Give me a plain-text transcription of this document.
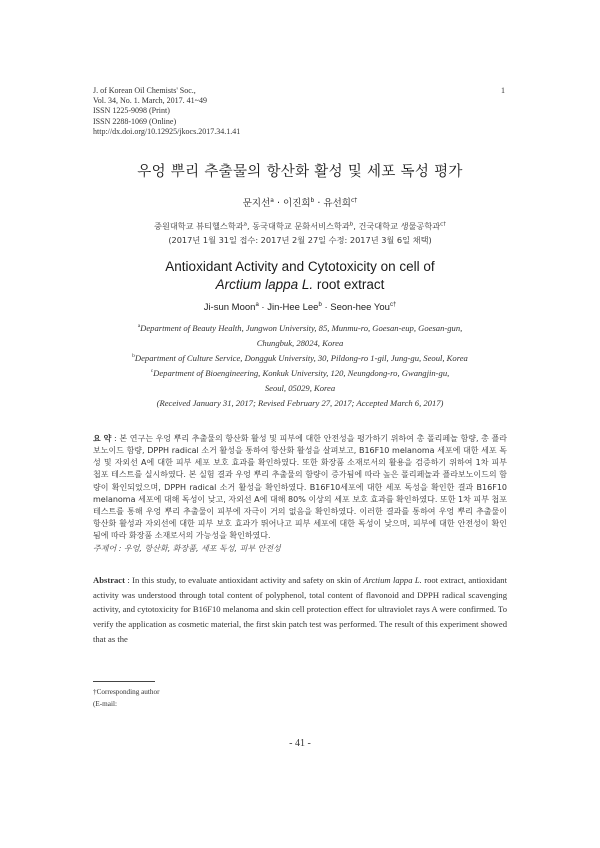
J. of Korean Oil Chemists' Soc.,
Vol. 34, No. 1. March, 2017. 41~49
ISSN 1225-9098 (Print)
ISSN 2288-1069 (Online)
http://dx.doi.org/10.12925/jkocs.2017.34.1.41
1
우엉 뿌리 추출물의 항산화 활성 및 세포 독성 평가
문지선$^a$ · 이진희$^b$ · 유선희$^{c\dagger}$
중원대학교 뷰티헬스학과$^a$, 동국대학교 문화서비스학과$^b$, 건국대학교 생물공학과$^{c\dagger}$
(2017년 1월 31일 접수: 2017년 2월 27일 수정: 2017년 3월 6일 채택)
Antioxidant Activity and Cytotoxicity on cell of
Arctium lappa L. root extract
Ji-sun Moon$^a$ · Jin-Hee Lee$^b$ · Seon-hee You$^{c\dagger}$
$^a$Department of Beauty Health, Jungwon University, 85, Munmu-ro, Goesan-eup, Goesan-gun,
Chungbuk, 28024, Korea
$^b$Department of Culture Service, Dongguk University, 30, Pildong-ro 1-gil, Jung-gu, Seoul, Korea
$^c$Department of Bioengineering, Konkuk University, 120, Neungdong-ro, Gwangjin-gu,
Seoul, 05029, Korea
(Received January 31, 2017; Revised February 27, 2017; Accepted March 6, 2017)
요 약 : 본 연구는 우엉 뿌리 추출물의 항산화 활성 및 피부에 대한 안전성을 평가하기 위하여 총 폴리페놀 함량, 총 플라보노이드 함량, DPPH radical 소거 활성을 통하여 항산화 활성을 살펴보고, B16F10 melanoma 세포에 대한 세포 독성 및 자외선 A에 대한 피부 세포 보호 효과를 확인하였다. 또한 화장품 소재로서의 활용을 검증하기 위하여 1차 피부 첩포 테스트를 실시하였다. 본 실험 결과 우엉 뿌리 추출물의 함량이 증가됨에 따라 높은 폴리페놀과 플라보노이드의 함량이 확인되었으며, DPPH radical 소거 활성을 확인하였다. B16F10세포에 대한 세포 독성을 확인한 결과 B16F10 melanoma 세포에 대해 독성이 낮고, 자외선 A에 대해 80% 이상의 세포 보호 효과를 확인하였다. 또한 1차 피부 첩포 테스트를 통해 우엉 뿌리 추출물이 피부에 자극이 거의 없음을 확인하였다. 이러한 결과를 통하여 우엉 뿌리 추출물이 항산화 활성과 자외선에 대한 피부 보호 효과가 뛰어나고 피부 세포에 대한 독성이 낮으며, 피부에 대한 안전성이 확인됨에 따라 화장품 소재로서의 가능성을 확인하였다.
주제어 : 우엉, 항산화, 화장품, 세포 독성, 피부 안전성
Abstract : In this study, to evaluate antioxidant activity and safety on skin of Arctium lappa L. root extract, antioxidant activity was understood through total content of polyphenol, total content of flavonoid and DPPH radical scavenging activity, and cytotoxicity for B16F10 melanoma and skin cell protection effect for ultraviolet rays A were confirmed. To verify the application as cosmetic material, the first skin patch test was performed. The result of this experiment showed that as the
†Corresponding author
(E-mail:
- 41 -
